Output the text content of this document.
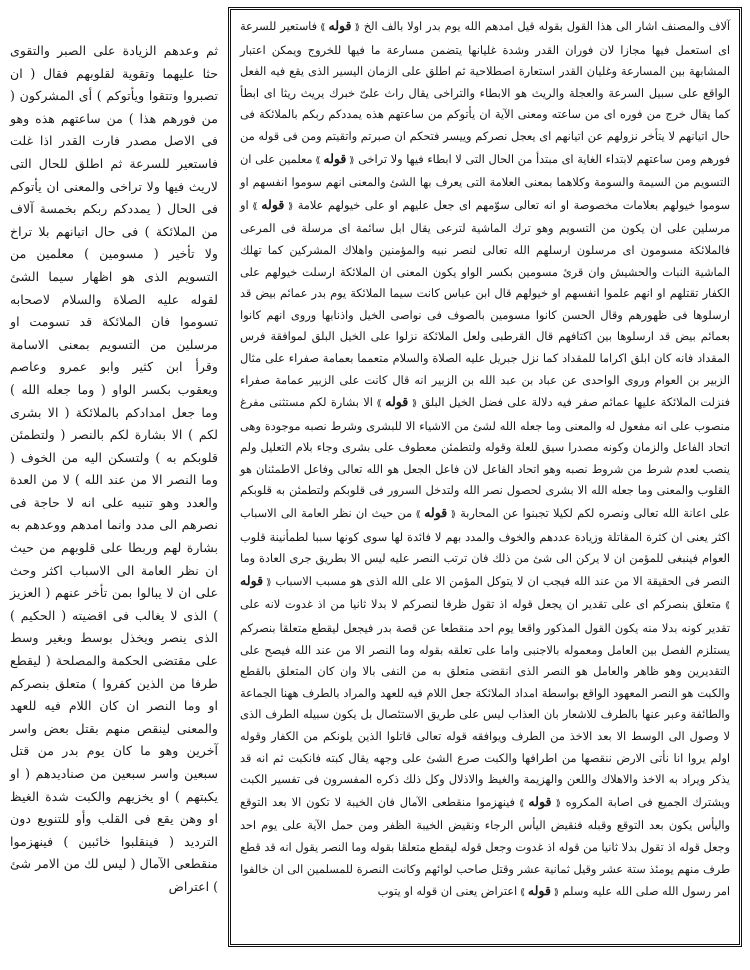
ثم وعدهم الزيادة على الصبر والتقوى حثا عليهما وتقوية لقلوبهم فقال ( ان تصبروا وتتقوا ويأتوكم ) أى المشركون ( من فورهم هذا ) من ساعتهم هذه وهو فى الاصل مصدر فارت القدر اذا غلت فاستعير للسرعة ثم اطلق للحال التى لاريث فيها ولا تراخى والمعنى ان يأتوكم فى الحال ( يمددكم ربكم بخمسة آلاف من الملائكة ) فى حال اتيانهم بلا تراخ ولا تأخير ( مسومين ) معلمين من التسويم الذى هو اظهار سيما الشئ لقوله عليه الصلاة والسلام لاصحابه تسوموا فان الملائكة قد تسومت او مرسلين من التسويم بمعنى الاسامة وقرأ ابن كثير وابو عمرو وعاصم ويعقوب بكسر الواو ( وما جعله الله ) وما جعل امدادكم بالملائكة ( الا بشرى لكم ) الا بشارة لكم بالنصر ( ولتطمئن قلوبكم به ) ولتسكن اليه من الخوف ( وما النصر الا من عند الله ) لا من العدة والعدد وهو تنبيه على انه لا حاجة فى نصرهم الى مدد وانما امدهم ووعدهم به بشارة لهم وربطا على قلوبهم من حيث ان نظر العامة الى الاسباب اكثر وحث على ان لا يبالوا بمن تأخر عنهم ( العزيز ) الذى لا يغالب فى اقضيته ( الحكيم ) الذى ينصر ويخذل بوسط وبغير وسط على مقتضى الحكمة والمصلحة ( ليقطع طرفا من الذين كفروا ) متعلق بنصركم او وما النصر ان كان اللام فيه للعهد والمعنى لينقص منهم بقتل بعض واسر آخرين وهو ما كان يوم بدر من قتل سبعين واسر سبعين من صناديدهم ( او يكبتهم ) او يخزيهم والكبت شدة الغيظ او وهن يقع فى القلب وأو للتنويع دون الترديد ( فينقلبوا خائبين ) فينهزموا منقطعى الآمال ( ليس لك من الامر شئ ) اعتراض

آلاف والمصنف اشار الى هذا القول بقوله قيل امدهم الله يوم بدر اولا بالف الخ ⟪ قوله ⟫ فاستعير للسرعة اى استعمل فيها مجازا لان فوران القدر وشدة غليانها يتضمن مسارعة ما فيها للخروج ويمكن اعتبار المشابهة بين المسارعة وغليان القدر استعارة اصطلاحية ثم اطلق على الزمان اليسير الذى يقع فيه الفعل الواقع على سبيل السرعة والعجلة والريث هو الابطاء والتراخى يقال راث علىّ خبرك يريث ريثا اى ابطأ كما يقال خرج من فوره اى من ساعته ومعنى الآية ان يأتوكم من ساعتهم هذه يمددكم ربكم بالملائكة فى حال اتيانهم لا يتأخر نزولهم عن اتيانهم اى يعجل نصركم وييسر فتحكم ان صبرتم واتقيتم ومن فى قوله من فورهم ومن ساعتهم لابتداء الغاية اى مبتدأ من الحال التى لا ابطاء فيها ولا تراخى ⟪ قوله ⟫ معلمين على ان التسويم من السيمة والسومة وكلاهما بمعنى العلامة التى يعرف بها الشئ والمعنى انهم سوموا انفسهم او سوموا خيولهم بعلامات مخصوصة او انه تعالى سوّمهم اى جعل عليهم او على خيولهم علامة ⟪ قوله ⟫ او مرسلين على ان يكون من التسويم وهو ترك الماشية لترعى يقال ابل سائمة اى مرسلة فى المرعى فالملائكة مسومون اى مرسلون ارسلهم الله تعالى لنصر نبيه والمؤمنين واهلاك المشركين كما تهلك الماشية النبات والحشيش وان قرئ مسومين بكسر الواو يكون المعنى ان الملائكة ارسلت خيولهم على الكفار تقتلهم او انهم علموا انفسهم او خيولهم قال ابن عباس كانت سيما الملائكة يوم بدر عمائم بيض قد ارسلوها فى ظهورهم وقال الحسن كانوا مسومين بالصوف فى نواصى الخيل واذنابها وروى انهم كانوا بعمائم بيض قد ارسلوها بين اكتافهم قال القرطبى ولعل الملائكة نزلوا على الخيل البلق لموافقة فرس المقداد فانه كان ابلق اكراما للمقداد كما نزل جبريل عليه الصلاة والسلام متعمما بعمامة صفراء على مثال الزبير بن العوام وروى الواحدى عن عباد بن عبد الله بن الزبير انه قال كانت على الزبير عمامة صفراء فنزلت الملائكة عليها عمائم صفر فيه دلالة على فضل الخيل البلق ⟪ قوله ⟫ الا بشارة لكم مستثنى مفرغ منصوب على انه مفعول له والمعنى وما جعله الله لشئ من الاشياء الا للبشرى وشرط نصبه موجودة وهى اتحاد الفاعل والزمان وكونه مصدرا سيق للعلة وقوله ولتطمئن معطوف على بشرى وجاء بلام التعليل ولم ينصب لعدم شرط من شروط نصبه وهو اتحاد الفاعل لان فاعل الجعل هو الله تعالى وفاعل الاطمئنان هو القلوب والمعنى وما جعله الله الا بشرى لحصول نصر الله ولتدخل السرور فى قلوبكم ولتطمئن به قلوبكم على اعانة الله تعالى ونصره لكم لكيلا تجبنوا عن المحاربة ⟪ قوله ⟫ من حيث ان نظر العامة الى الاسباب اكثر يعنى ان كثرة المقاتلة وزيادة عددهم والخوف والمدد بهم لا فائدة لها سوى كونها سببا لطمأنينة قلوب العوام فينبغى للمؤمن ان لا يركن الى شئ من ذلك فان ترتب النصر عليه ليس الا بطريق جرى العادة وما النصر فى الحقيقة الا من عند الله فيجب ان لا يتوكل المؤمن الا على الله الذى هو مسبب الاسباب ⟪ قوله ⟫ متعلق بنصركم اى على تقدير ان يجعل قوله اذ تقول ظرفا لنصركم لا بدلا ثانيا من اذ غدوت لانه على تقدير كونه بدلا منه يكون القول المذكور واقعا يوم احد منقطعا عن قصة بدر فيجعل ليقطع متعلقا بنصركم يستلزم الفصل بين العامل ومعموله بالاجنبى واما على تعلقه بقوله وما النصر الا من عند الله فيصح على التقديرين وهو ظاهر والعامل هو النصر الذى انقضى متعلق به من النفى بالا وان كان المتعلق بالقطع والكبت هو النصر المعهود الواقع بواسطة امداد الملائكة جعل اللام فيه للعهد والمراد بالطرف ههنا الجماعة والطائفة وعبر عنها بالطرف للاشعار بان العذاب ليس على طريق الاستئصال بل يكون سبيله الطرف الذى لا وصول الى الوسط الا بعد الاخذ من الطرف ويوافقه قوله تعالى قاتلوا الذين يلونكم من الكفار وقوله اولم يروا انا نأتى الارض ننقصها من اطرافها والكبت صرع الشئ على وجهه يقال كبته فانكبت ثم انه قد يذكر ويراد به الاخذ والاهلاك واللعن والهزيمة والغيظ والاذلال وكل ذلك ذكره المفسرون فى تفسير الكبت ويشترك الجميع فى اصابة المكروه ⟪ قوله ⟫ فينهزموا منقطعى الآمال فان الخيبة لا تكون الا بعد التوقع واليأس يكون بعد التوقع وقبله فنقيض اليأس الرجاء ونقيض الخيبة الظفر ومن حمل الآية على يوم احد وجعل قوله اذ تقول بدلا ثانيا من قوله اذ غدوت وجعل قوله ليقطع متعلقا بقوله وما النصر يقول انه قد قطع طرف منهم يومئذ ستة عشر وقيل ثمانية عشر وقتل صاحب لوائهم وكانت النصرة للمسلمين الى ان خالفوا امر رسول الله صلى الله عليه وسلم ⟪ قوله ⟫ اعتراض يعنى ان قوله او يتوب
